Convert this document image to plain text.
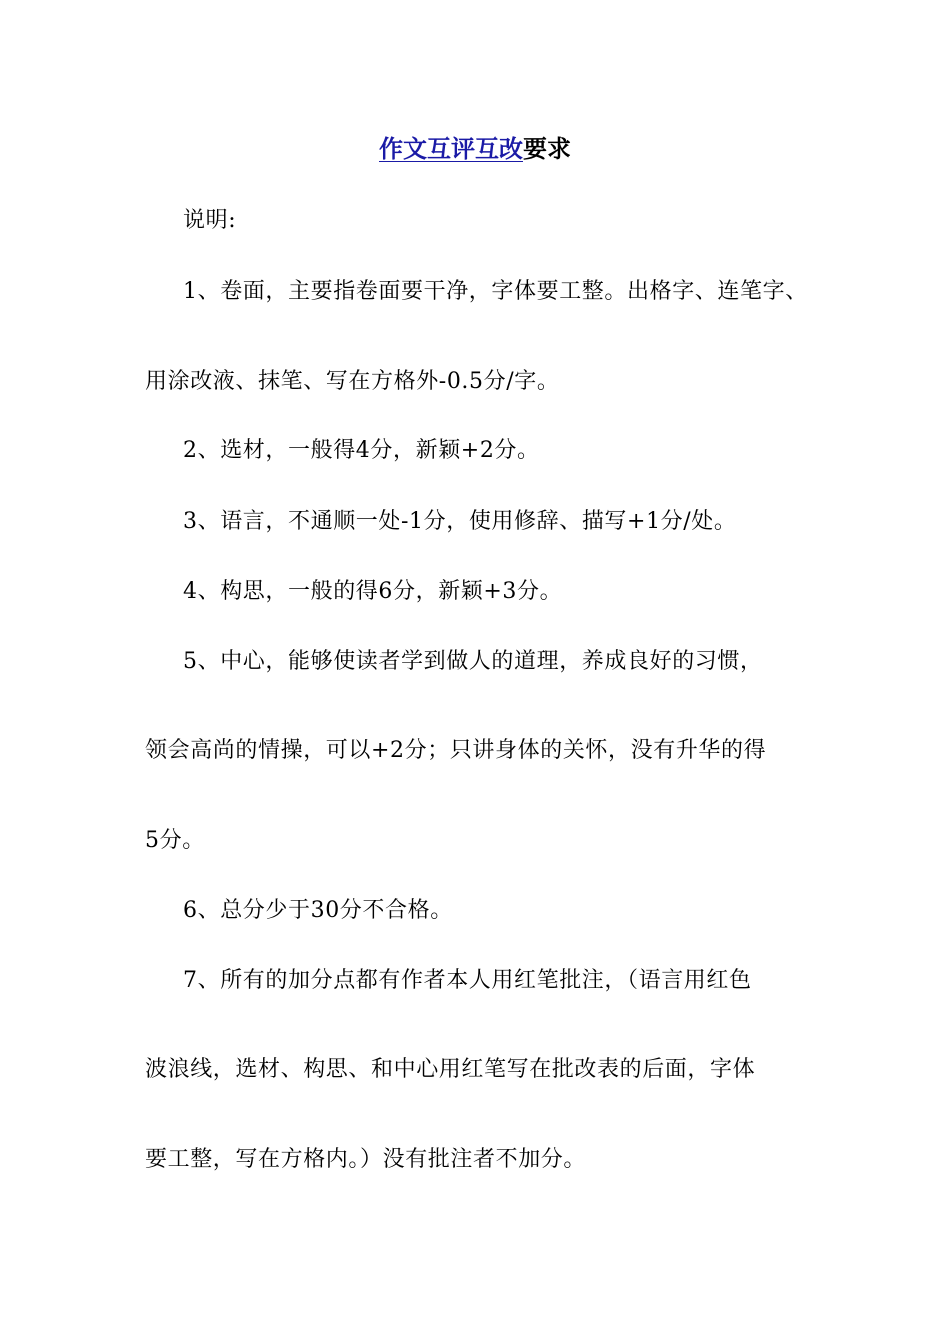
作文互评互改要求
说明:
1、卷面，主要指卷面要干净，字体要工整。出格字、连笔字、
用涂改液、抹笔、写在方格外-0.5分/字。
2、选材，一般得4分，新颖+2分。
3、语言，不通顺一处-1分，使用修辞、描写+1分/处。
4、构思，一般的得6分，新颖+3分。
5、中心，能够使读者学到做人的道理，养成良好的习惯，
领会高尚的情操，可以+2分；只讲身体的关怀，没有升华的得
5分。
6、总分少于30分不合格。
7、所有的加分点都有作者本人用红笔批注，（语言用红色
波浪线，选材、构思、和中心用红笔写在批改表的后面，字体
要工整，写在方格内。）没有批注者不加分。
